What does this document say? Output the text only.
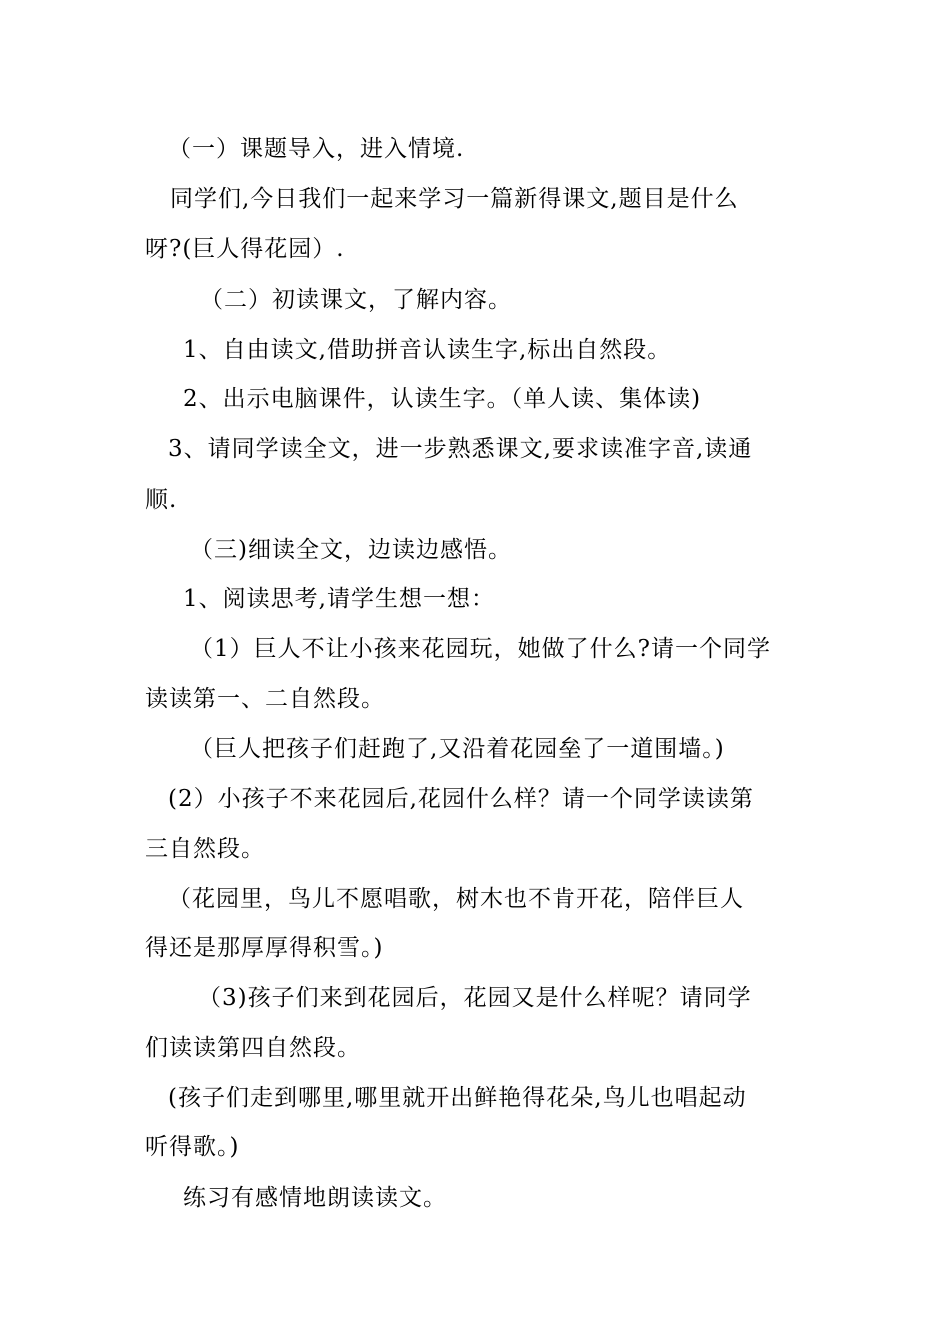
（一）课题导入，进入情境.
同学们,今日我们一起来学习一篇新得课文,题目是什么
呀?(巨人得花园）.
（二）初读课文，了解内容。
1、自由读文,借助拼音认读生字,标出自然段。
2、出示电脑课件，认读生字。（单人读、集体读)
3、请同学读全文，进一步熟悉课文,要求读准字音,读通
顺.
（三)细读全文，边读边感悟。
1、阅读思考,请学生想一想：
（1）巨人不让小孩来花园玩，她做了什么?请一个同学
读读第一、二自然段。
（巨人把孩子们赶跑了,又沿着花园垒了一道围墙。)
(2）小孩子不来花园后,花园什么样？请一个同学读读第
三自然段。
（花园里，鸟儿不愿唱歌，树木也不肯开花，陪伴巨人
得还是那厚厚得积雪。)
（3)孩子们来到花园后，花园又是什么样呢？请同学
们读读第四自然段。
(孩子们走到哪里,哪里就开出鲜艳得花朵,鸟儿也唱起动
听得歌。)
练习有感情地朗读读文。
